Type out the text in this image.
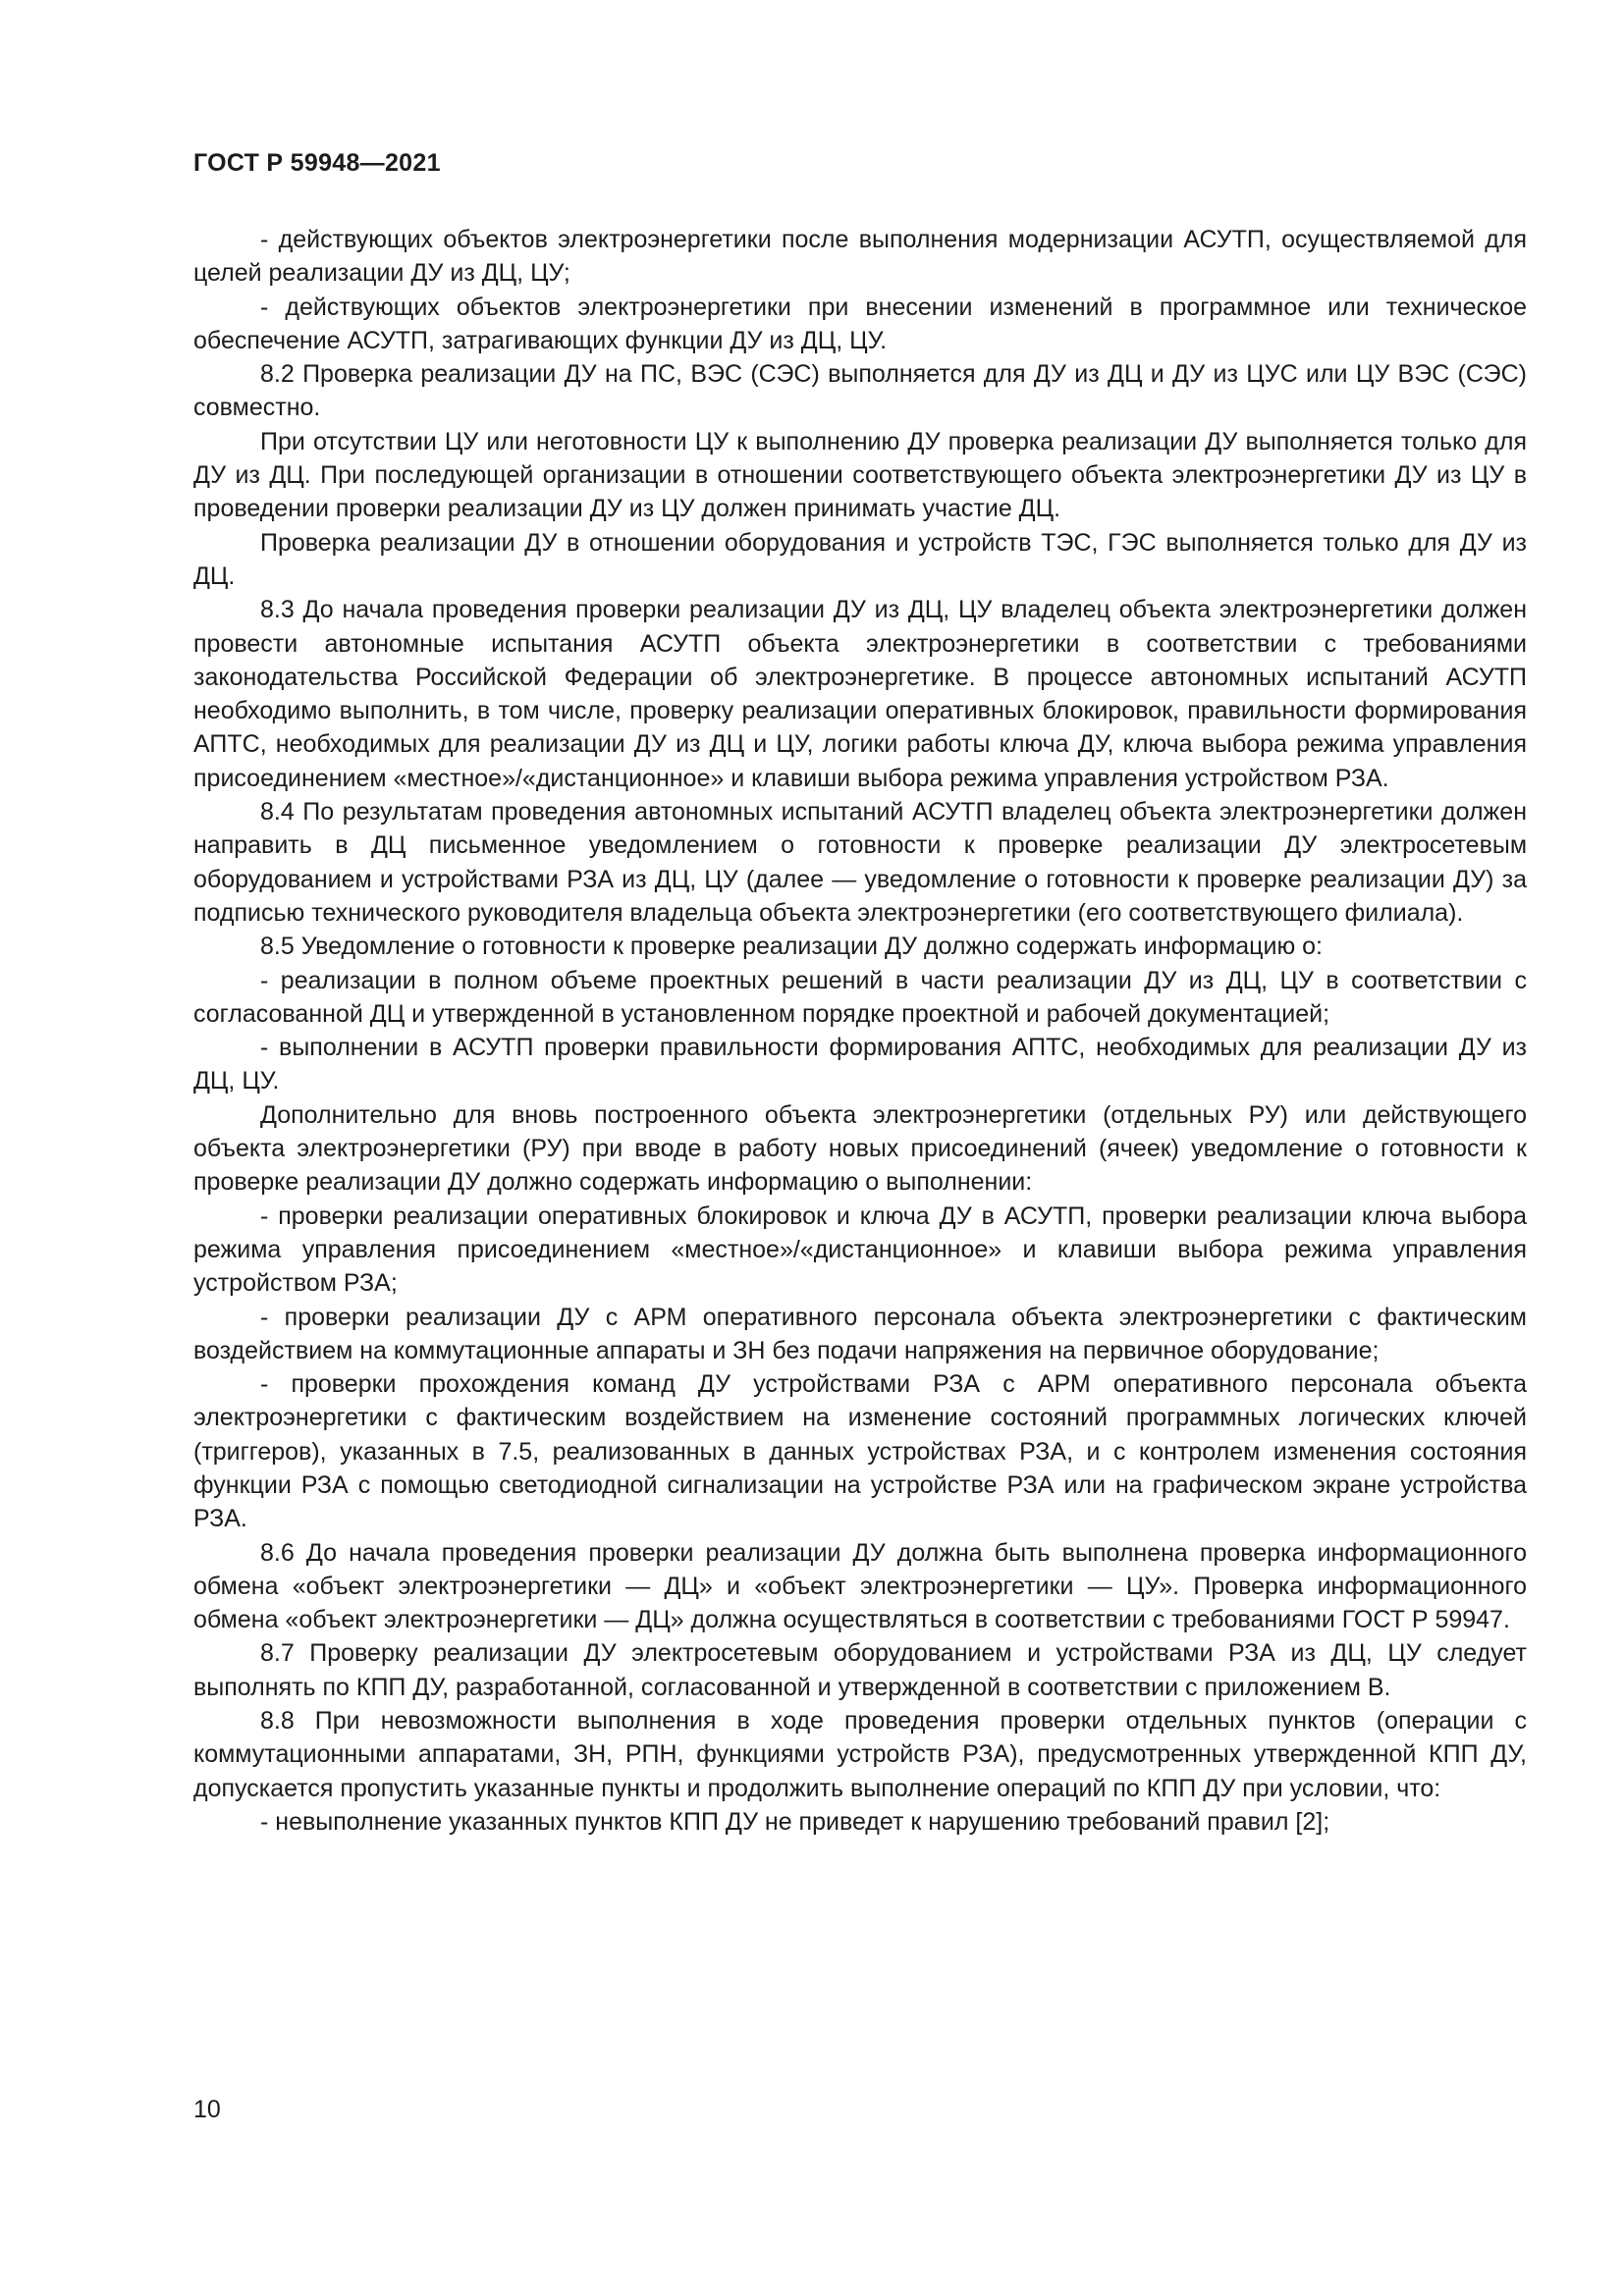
ГОСТ Р 59948—2021

- действующих объектов электроэнергетики после выполнения модернизации АСУТП, осуществляемой для целей реализации ДУ из ДЦ, ЦУ;

- действующих объектов электроэнергетики при внесении изменений в программное или техническое обеспечение АСУТП, затрагивающих функции ДУ из ДЦ, ЦУ.

8.2 Проверка реализации ДУ на ПС, ВЭС (СЭС) выполняется для ДУ из ДЦ и ДУ из ЦУС или ЦУ ВЭС (СЭС) совместно.

При отсутствии ЦУ или неготовности ЦУ к выполнению ДУ проверка реализации ДУ выполняется только для ДУ из ДЦ. При последующей организации в отношении соответствующего объекта электроэнергетики ДУ из ЦУ в проведении проверки реализации ДУ из ЦУ должен принимать участие ДЦ.

Проверка реализации ДУ в отношении оборудования и устройств ТЭС, ГЭС выполняется только для ДУ из ДЦ.

8.3 До начала проведения проверки реализации ДУ из ДЦ, ЦУ владелец объекта электроэнергетики должен провести автономные испытания АСУТП объекта электроэнергетики в соответствии с требованиями законодательства Российской Федерации об электроэнергетике. В процессе автономных испытаний АСУТП необходимо выполнить, в том числе, проверку реализации оперативных блокировок, правильности формирования АПТС, необходимых для реализации ДУ из ДЦ и ЦУ, логики работы ключа ДУ, ключа выбора режима управления присоединением «местное»/«дистанционное» и клавиши выбора режима управления устройством РЗА.

8.4 По результатам проведения автономных испытаний АСУТП владелец объекта электроэнергетики должен направить в ДЦ письменное уведомлением о готовности к проверке реализации ДУ электросетевым оборудованием и устройствами РЗА из ДЦ, ЦУ (далее — уведомление о готовности к проверке реализации ДУ) за подписью технического руководителя владельца объекта электроэнергетики (его соответствующего филиала).

8.5 Уведомление о готовности к проверке реализации ДУ должно содержать информацию о:

- реализации в полном объеме проектных решений в части реализации ДУ из ДЦ, ЦУ в соответствии с согласованной ДЦ и утвержденной в установленном порядке проектной и рабочей документацией;

- выполнении в АСУТП проверки правильности формирования АПТС, необходимых для реализации ДУ из ДЦ, ЦУ.

Дополнительно для вновь построенного объекта электроэнергетики (отдельных РУ) или действующего объекта электроэнергетики (РУ) при вводе в работу новых присоединений (ячеек) уведомление о готовности к проверке реализации ДУ должно содержать информацию о выполнении:

- проверки реализации оперативных блокировок и ключа ДУ в АСУТП, проверки реализации ключа выбора режима управления присоединением «местное»/«дистанционное» и клавиши выбора режима управления устройством РЗА;

- проверки реализации ДУ с АРМ оперативного персонала объекта электроэнергетики с фактическим воздействием на коммутационные аппараты и ЗН без подачи напряжения на первичное оборудование;

- проверки прохождения команд ДУ устройствами РЗА с АРМ оперативного персонала объекта электроэнергетики с фактическим воздействием на изменение состояний программных логических ключей (триггеров), указанных в 7.5, реализованных в данных устройствах РЗА, и с контролем изменения состояния функции РЗА с помощью светодиодной сигнализации на устройстве РЗА или на графическом экране устройства РЗА.

8.6 До начала проведения проверки реализации ДУ должна быть выполнена проверка информационного обмена «объект электроэнергетики — ДЦ» и «объект электроэнергетики — ЦУ». Проверка информационного обмена «объект электроэнергетики — ДЦ» должна осуществляться в соответствии с требованиями ГОСТ Р 59947.

8.7 Проверку реализации ДУ электросетевым оборудованием и устройствами РЗА из ДЦ, ЦУ следует выполнять по КПП ДУ, разработанной, согласованной и утвержденной в соответствии с приложением В.

8.8 При невозможности выполнения в ходе проведения проверки отдельных пунктов (операции с коммутационными аппаратами, ЗН, РПН, функциями устройств РЗА), предусмотренных утвержденной КПП ДУ, допускается пропустить указанные пункты и продолжить выполнение операций по КПП ДУ при условии, что:

- невыполнение указанных пунктов КПП ДУ не приведет к нарушению требований правил [2];

10
